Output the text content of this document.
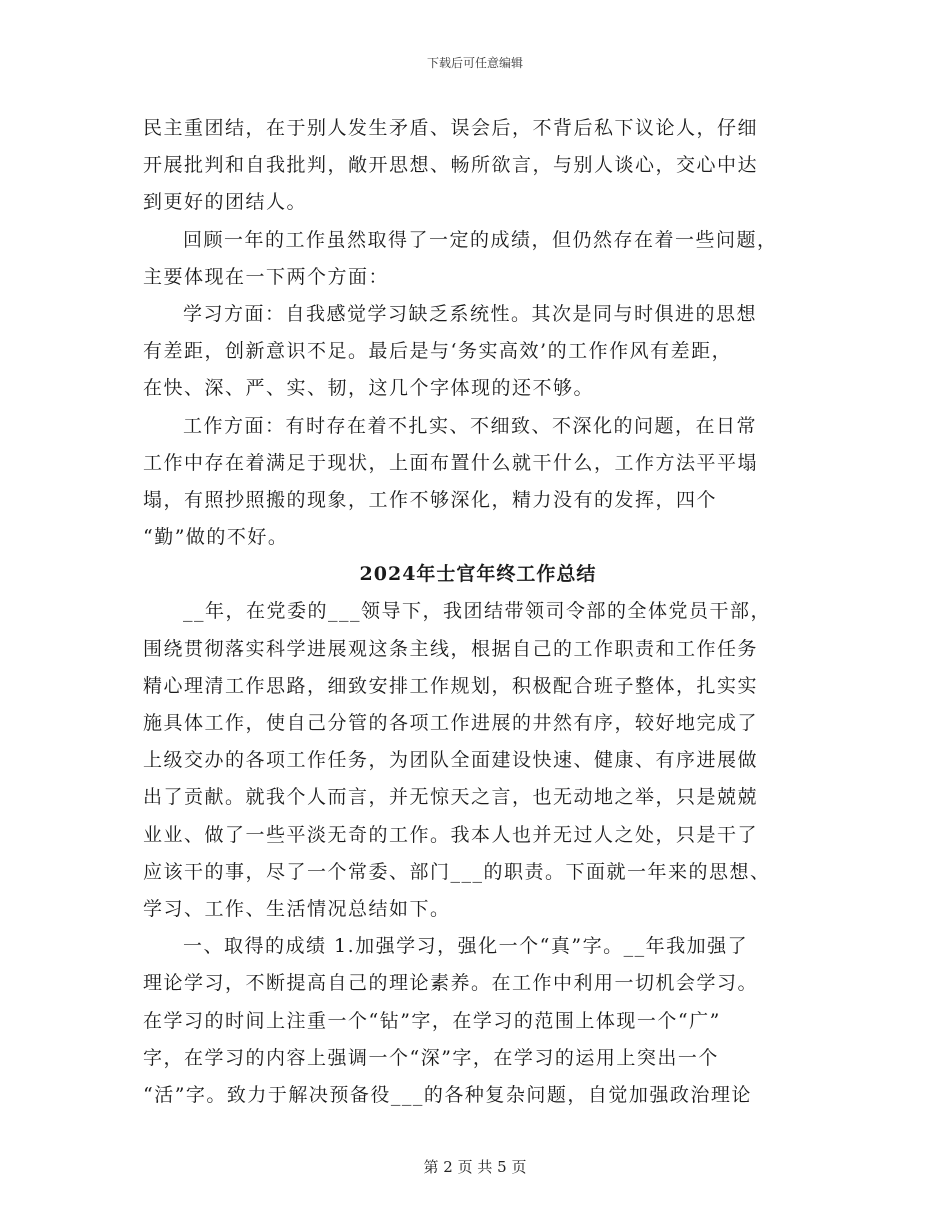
下载后可任意编辑
民主重团结，在于别人发生矛盾、误会后，不背后私下议论人，仔细
开展批判和自我批判，敞开思想、畅所欲言，与别人谈心，交心中达
到更好的团结人。
回顾一年的工作虽然取得了一定的成绩，但仍然存在着一些问题，
主要体现在一下两个方面：
学习方面：自我感觉学习缺乏系统性。其次是同与时俱进的思想
有差距，创新意识不足。最后是与‘务实高效’的工作作风有差距，
在快、深、严、实、韧，这几个字体现的还不够。
工作方面：有时存在着不扎实、不细致、不深化的问题，在日常
工作中存在着满足于现状，上面布置什么就干什么，工作方法平平塌
塌，有照抄照搬的现象，工作不够深化，精力没有的发挥，四个
“勤”做的不好。
2024年士官年终工作总结
__年，在党委的___领导下，我团结带领司令部的全体党员干部，
围绕贯彻落实科学进展观这条主线，根据自己的工作职责和工作任务
精心理清工作思路，细致安排工作规划，积极配合班子整体，扎实实
施具体工作，使自己分管的各项工作进展的井然有序，较好地完成了
上级交办的各项工作任务，为团队全面建设快速、健康、有序进展做
出了贡献。就我个人而言，并无惊天之言，也无动地之举，只是兢兢
业业、做了一些平淡无奇的工作。我本人也并无过人之处，只是干了
应该干的事，尽了一个常委、部门___的职责。下面就一年来的思想、
学习、工作、生活情况总结如下。
一、取得的成绩 1.加强学习，强化一个“真”字。__年我加强了
理论学习，不断提高自己的理论素养。在工作中利用一切机会学习。
在学习的时间上注重一个“钻”字，在学习的范围上体现一个“广”
字，在学习的内容上强调一个“深”字，在学习的运用上突出一个
“活”字。致力于解决预备役___的各种复杂问题，自觉加强政治理论
第 2 页 共 5 页
